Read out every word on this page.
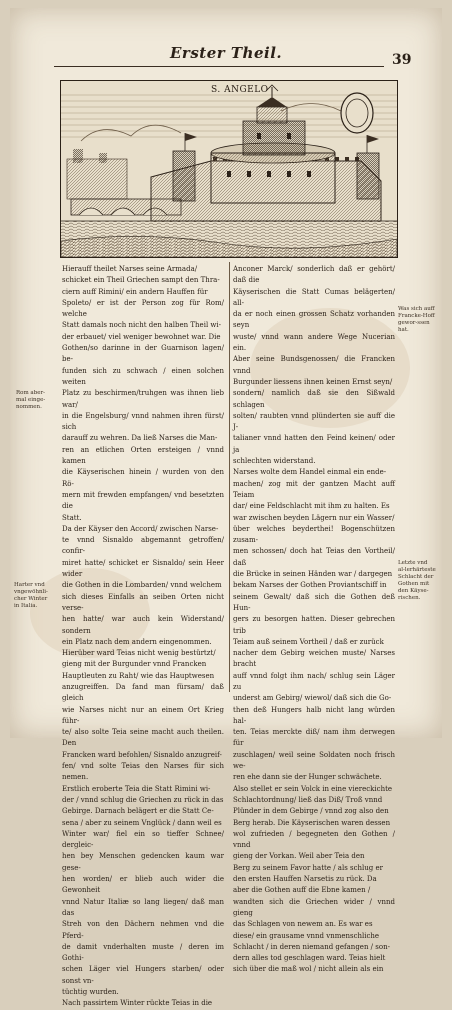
Erster Theil.	39
S. ANGELO

Hierauff theilet Narses seine Armada/

schicket ein Theil Griechen sampt den Thra-

ciern auff Rimini/ ein andern Hauffen für

Spoleto/ er ist der Person zog für Rom/ welche

Statt damals noch nicht den halben Theil wi-

der erbauet/ viel weniger bewohnet war. Die

Gothen/so darinne in der Guarnison lagen/ be-

funden sich zu schwach / einen solchen weiten

Platz zu beschirmen/truhgen was ihnen lieb war/

in die Engelsburg/ vnnd nahmen ihren fürst/ sich

darauff zu wehren. Da ließ Narses die Man-

ren an etlichen Orten ersteigen / vnnd kamen

die Käyserischen hinein / wurden von den Rö-

mern mit frewden empfangen/ vnd besetzten die

Statt.

Da der Käyser den Accord/ zwischen Narse-

te vnnd Sisnaldo abgemannt getroffen/ confir-

miret hatte/ schicket er Sisnaldo/ sein Heer wider

die Gothen in die Lombarden/ vnnd welchem

sich dieses Einfalls an seiben Orten nicht verse-

hen hatte/ war auch kein Widerstand/ sondern

ein Platz nach dem andern eingenommen.

Hierüber ward Teias nicht wenig bestürtzt/

gieng mit der Burgunder vnnd Francken

Hauptleuten zu Raht/ wie das Hauptwesen

anzugreiffen. Da fand man fürsam/ daß gleich

wie Narses nicht nur an einem Ort Krieg führ-

te/ also solte Teia seine macht auch theilen. Den

Francken ward befohlen/ Sisnaldo anzugreif-

fen/ vnd solte Teias den Narses für sich nemen.

Erstlich eroberte Teia die Statt Rimini wi-

der / vnnd schlug die Griechen zu rück in das

Gebirge. Darnach belägert er die Statt Ce-

sena / aber zu seinem Vnglück / dann weil es

Winter war/ fiel ein so tieffer Schnee/ dergleic-

hen bey Menschen gedencken kaum war gese-

hen worden/ er blieb auch wider die Gewonheit

vnnd Natur Italiæ so lang liegen/ daß man das

Streh von den Dächern nehmen vnd die Pferd-

de damit vnderhalten muste / deren im Gothi-

schen Läger viel Hungers starben/ oder sonst vn-

tüchtig wurden.

Nach passirtem Winter rückte Teias in die

Anconer Marck/ sonderlich daß er gehört/ daß die

Käyserischen die Statt Cumas belägerten/ all-

da er noch einen grossen Schatz vorhanden seyn

wuste/ vnnd wann andere Wege Nucerian ein.

Aber seine Bundsgenossen/ die Francken vnnd

Burgunder liessens ihnen keinen Ernst seyn/

sondern/ namlich daß sie den Sißwald schlagen

solten/ raubten vnnd plünderten sie auff die J-

talianer vnnd hatten den Feind keinen/ oder ja

schlechten widerstand.

Narses wolte dem Handel einmal ein ende-

machen/ zog mit der gantzen Macht auff Teiam

dar/ eine Feldschlacht mit ihm zu halten. Es

war zwischen beyden Lägern nur ein Wasser/

über welches beyderthei! Bogenschützen zusam-

men schossen/ doch hat Teias den Vortheil/ daß

die Brücke in seinen Händen war / dargegen

bekam Narses der Gothen Proviantschiff in

seinem Gewalt/ daß sich die Gothen deß Hun-

gers zu besorgen hatten. Dieser gebrechen trib

Teiam auß seinem Vortheil / daß er zurück

nacher dem Gebirg weichen muste/ Narses bracht

auff vnnd folgt ihm nach/ schlug sein Läger zu

underst am Gebirg/ wiewol/ daß sich die Go-

then deß Hungers halb nicht lang würden hal-

ten. Teias merckte diß/ nam ihm derwegen für

zuschlagen/ weil seine Soldaten noch frisch we-

ren ehe dann sie der Hunger schwächete.

Also stellet er sein Volck in eine viereckichte

Schlachtordnung/ ließ das Diß/ Troß vnnd

Plünder in dem Gebirge / vnnd zog also den

Berg herab. Die Käyserischen waren dessen

wol zufrieden / begegneten den Gothen / vnnd

gieng der Vorkan. Weil aber Teia den

Berg zu seinem Favor hatte / als schlug er

den ersten Hauffen Narsetis zu rück. Da

aber die Gothen auff die Ebne kamen /

wandten sich die Griechen wider / vnnd gieng

das Schlagen von newem an. Es war es

diese/ ein grausame vnnd vnmenschliche

Schlacht / in deren niemand gefangen / son-

dern alles tod geschlagen ward. Teias hielt

sich über die maß wol / nicht allein als ein

Rom aber-mal einge-nommen.
Harter vnd vngewöhnli-cher Winter in Italia.
Was sich auff Francke-Hoff gewor-ssen hat.
Letzte vnd al-lerhärteste Schlacht der Gothen mit den Käyse-rischen.
